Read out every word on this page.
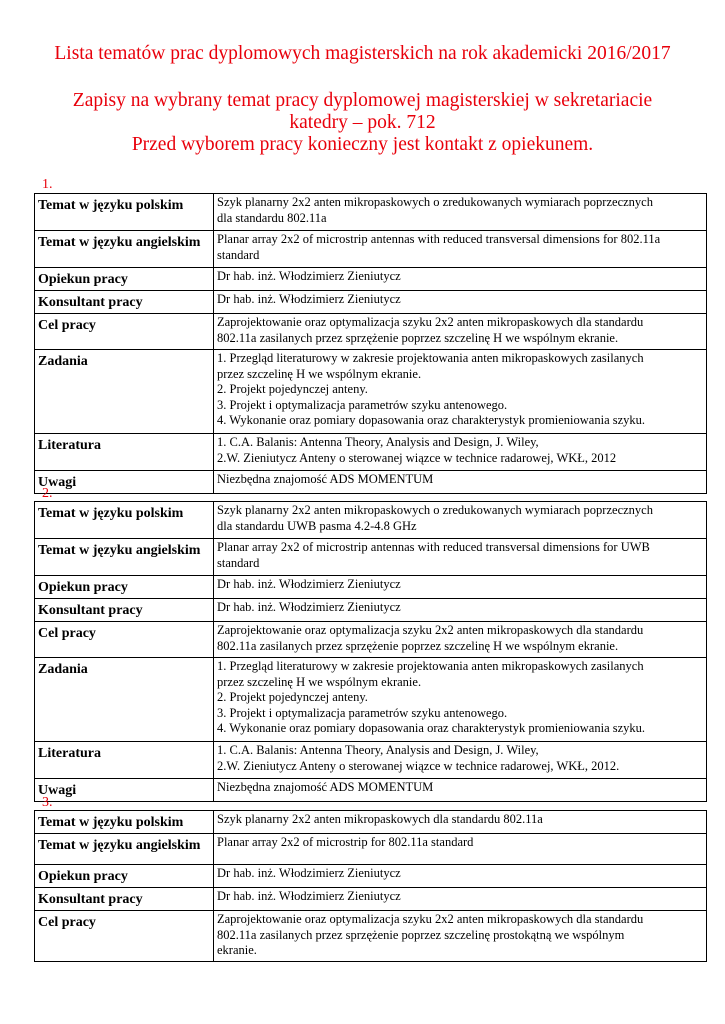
Lista tematów prac dyplomowych magisterskich na rok akademicki 2016/2017
Zapisy na wybrany temat pracy dyplomowej magisterskiej w sekretariacie
katedry – pok. 712
Przed wyborem pracy konieczny jest kontakt z opiekunem.
1.
Temat w języku polskim	Szyk planarny 2x2 anten mikropaskowych o zredukowanych wymiarach poprzecznych
dla standardu 802.11a

Temat w języku angielskim	Planar array 2x2 of microstrip antennas with reduced transversal dimensions for 802.11a
standard

Opiekun pracy	Dr hab. inż. Włodzimierz Zieniutycz

Konsultant pracy	Dr hab. inż. Włodzimierz Zieniutycz

Cel pracy	Zaprojektowanie oraz optymalizacja szyku 2x2 anten mikropaskowych dla standardu
802.11a zasilanych przez sprzężenie poprzez szczelinę H we wspólnym ekranie.

Zadania	1. Przegląd literaturowy w zakresie projektowania anten mikropaskowych zasilanych
przez szczelinę H we wspólnym ekranie.
2. Projekt pojedynczej anteny.
3. Projekt i optymalizacja parametrów szyku antenowego.
4. Wykonanie oraz pomiary dopasowania oraz charakterystyk promieniowania szyku.

Literatura	1. C.A. Balanis: Antenna Theory, Analysis and Design, J. Wiley,
2.W. Zieniutycz Anteny o sterowanej wiązce w technice radarowej, WKŁ, 2012

Uwagi	Niezbędna znajomość ADS MOMENTUM
2.
Temat w języku polskim	Szyk planarny 2x2 anten mikropaskowych o zredukowanych wymiarach poprzecznych
dla standardu UWB pasma 4.2-4.8 GHz

Temat w języku angielskim	Planar array 2x2 of microstrip antennas with reduced transversal dimensions for UWB
standard

Opiekun pracy	Dr hab. inż. Włodzimierz Zieniutycz

Konsultant pracy	Dr hab. inż. Włodzimierz Zieniutycz

Cel pracy	Zaprojektowanie oraz optymalizacja szyku 2x2 anten mikropaskowych dla standardu
802.11a zasilanych przez sprzężenie poprzez szczelinę H we wspólnym ekranie.

Zadania	1. Przegląd literaturowy w zakresie projektowania anten mikropaskowych zasilanych
przez szczelinę H we wspólnym ekranie.
2. Projekt pojedynczej anteny.
3. Projekt i optymalizacja parametrów szyku antenowego.
4. Wykonanie oraz pomiary dopasowania oraz charakterystyk promieniowania szyku.

Literatura	1. C.A. Balanis: Antenna Theory, Analysis and Design, J. Wiley,
2.W. Zieniutycz Anteny o sterowanej wiązce w technice radarowej, WKŁ, 2012.

Uwagi	Niezbędna znajomość ADS MOMENTUM
3.
Temat w języku polskim	Szyk planarny 2x2 anten mikropaskowych dla standardu 802.11a

Temat w języku angielskim	Planar array 2x2 of microstrip for 802.11a standard

Opiekun pracy	Dr hab. inż. Włodzimierz Zieniutycz

Konsultant pracy	Dr hab. inż. Włodzimierz Zieniutycz

Cel pracy	Zaprojektowanie oraz optymalizacja szyku 2x2 anten mikropaskowych dla standardu
802.11a zasilanych przez sprzężenie poprzez szczelinę prostokątną we wspólnym
ekranie.
